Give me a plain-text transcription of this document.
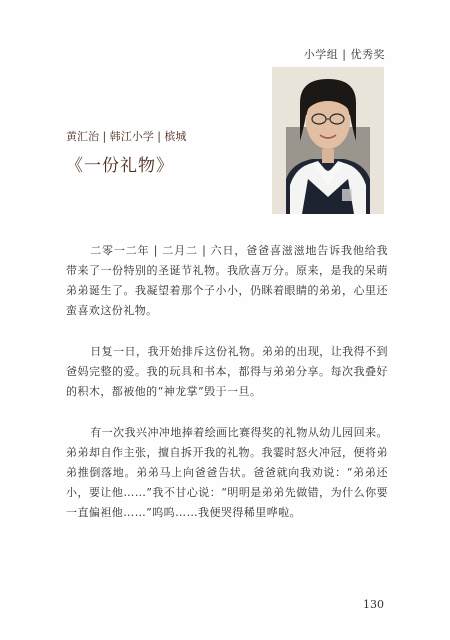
小学组 | 优秀奖
黄汇治 | 韩江小学 | 槟城
《一份礼物》

二零一二年 | 二月二 | 六日，爸爸喜滋滋地告诉我他给我带来了一份特别的圣诞节礼物。我欣喜万分。原来，是我的呆萌弟弟诞生了。我凝望着那个子小小，仍眯着眼睛的弟弟，心里还蛮喜欢这份礼物。

日复一日，我开始排斥这份礼物。弟弟的出现，让我得不到爸妈完整的爱。我的玩具和书本，都得与弟弟分享。每次我叠好的积木，都被他的“神龙掌”毁于一旦。

有一次我兴冲冲地捧着绘画比赛得奖的礼物从幼儿园回来。弟弟却自作主张，擅自拆开我的礼物。我霎时怒火冲冠，便将弟弟推倒落地。弟弟马上向爸爸告状。爸爸就向我劝说：“弟弟还小，要让他……”我不甘心说：“明明是弟弟先做错，为什么你要一直偏袒他……”呜呜……我便哭得稀里哗啦。

130
